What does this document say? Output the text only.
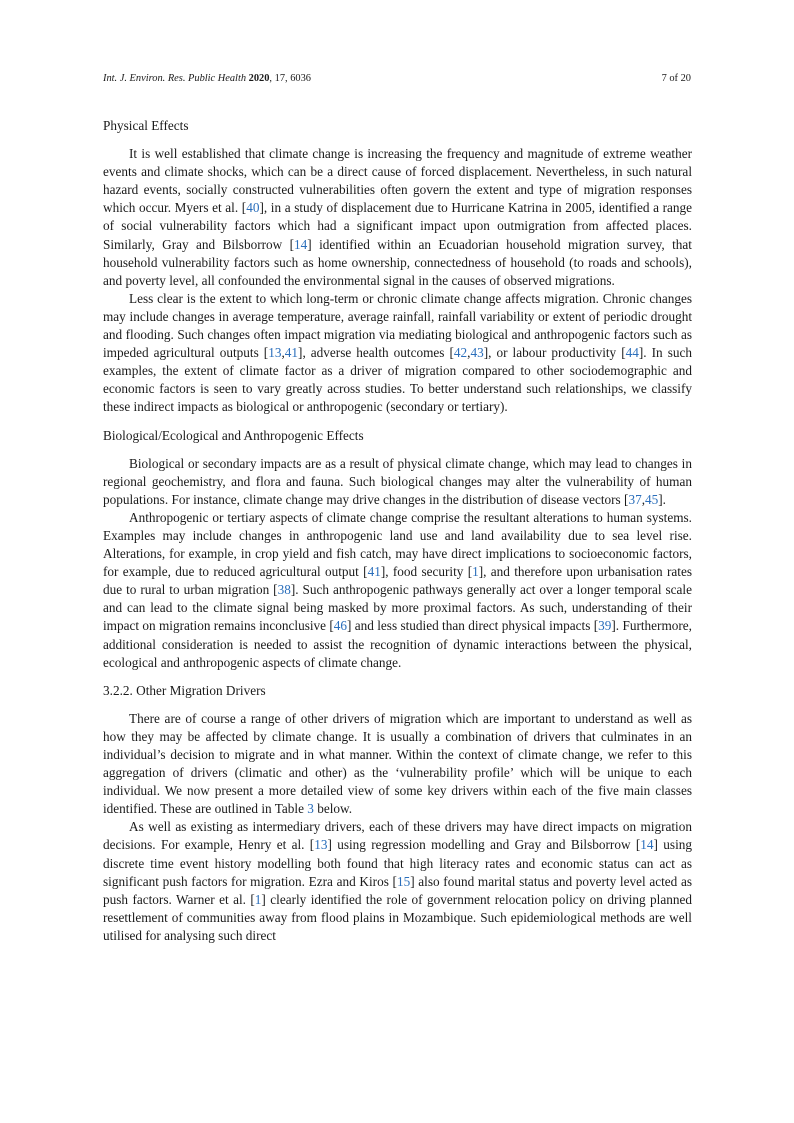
Int. J. Environ. Res. Public Health 2020, 17, 6036	7 of 20
Physical Effects

It is well established that climate change is increasing the frequency and magnitude of extreme weather events and climate shocks, which can be a direct cause of forced displacement. Nevertheless, in such natural hazard events, socially constructed vulnerabilities often govern the extent and type of migration responses which occur. Myers et al. [40], in a study of displacement due to Hurricane Katrina in 2005, identified a range of social vulnerability factors which had a significant impact upon outmigration from affected places. Similarly, Gray and Bilsborrow [14] identified within an Ecuadorian household migration survey, that household vulnerability factors such as home ownership, connectedness of household (to roads and schools), and poverty level, all confounded the environmental signal in the causes of observed migrations.

Less clear is the extent to which long-term or chronic climate change affects migration. Chronic changes may include changes in average temperature, average rainfall, rainfall variability or extent of periodic drought and flooding. Such changes often impact migration via mediating biological and anthropogenic factors such as impeded agricultural outputs [13,41], adverse health outcomes [42,43], or labour productivity [44]. In such examples, the extent of climate factor as a driver of migration compared to other sociodemographic and economic factors is seen to vary greatly across studies. To better understand such relationships, we classify these indirect impacts as biological or anthropogenic (secondary or tertiary).

Biological/Ecological and Anthropogenic Effects

Biological or secondary impacts are as a result of physical climate change, which may lead to changes in regional geochemistry, and flora and fauna. Such biological changes may alter the vulnerability of human populations. For instance, climate change may drive changes in the distribution of disease vectors [37,45].

Anthropogenic or tertiary aspects of climate change comprise the resultant alterations to human systems. Examples may include changes in anthropogenic land use and land availability due to sea level rise. Alterations, for example, in crop yield and fish catch, may have direct implications to socioeconomic factors, for example, due to reduced agricultural output [41], food security [1], and therefore upon urbanisation rates due to rural to urban migration [38]. Such anthropogenic pathways generally act over a longer temporal scale and can lead to the climate signal being masked by more proximal factors. As such, understanding of their impact on migration remains inconclusive [46] and less studied than direct physical impacts [39]. Furthermore, additional consideration is needed to assist the recognition of dynamic interactions between the physical, ecological and anthropogenic aspects of climate change.

3.2.2. Other Migration Drivers

There are of course a range of other drivers of migration which are important to understand as well as how they may be affected by climate change. It is usually a combination of drivers that culminates in an individual’s decision to migrate and in what manner. Within the context of climate change, we refer to this aggregation of drivers (climatic and other) as the ‘vulnerability profile’ which will be unique to each individual. We now present a more detailed view of some key drivers within each of the five main classes identified. These are outlined in Table 3 below.

As well as existing as intermediary drivers, each of these drivers may have direct impacts on migration decisions. For example, Henry et al. [13] using regression modelling and Gray and Bilsborrow [14] using discrete time event history modelling both found that high literacy rates and economic status can act as significant push factors for migration. Ezra and Kiros [15] also found marital status and poverty level acted as push factors. Warner et al. [1] clearly identified the role of government relocation policy on driving planned resettlement of communities away from flood plains in Mozambique. Such epidemiological methods are well utilised for analysing such direct
